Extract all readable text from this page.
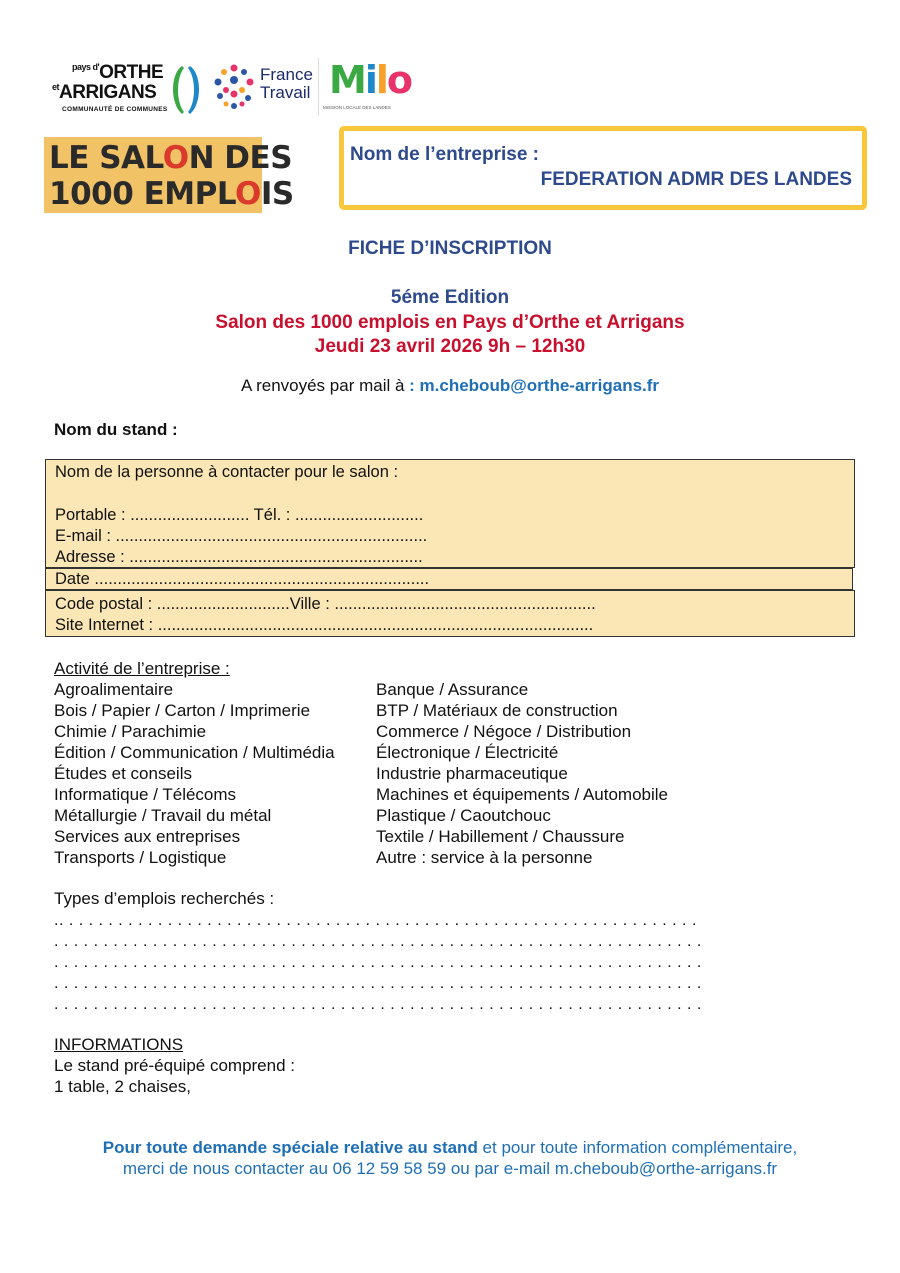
$^{pays d'}$ORTHE
$^{et}$ARRIGANS
COMMUNAUTÉ DE COMMUNES
France
Travail Milo
MISSION LOCALE DES LANDES
LE SALON DES
1000 EMPLOIS
Nom de l’entreprise :
FEDERATION ADMR DES LANDES
FICHE D’INSCRIPTION
5éme Edition
Salon des 1000 emplois en Pays d’Orthe et Arrigans
Jeudi 23 avril 2026 9h – 12h30
A renvoyés par mail à : m.cheboub@orthe-arrigans.fr
Nom du stand :
Nom de la personne à contacter pour le salon :
Portable : .......................... Tél. : ............................
E-mail : ....................................................................
Adresse : ................................................................
Date .........................................................................
Code postal : .............................Ville : .........................................................
Site Internet : ...............................................................................................
Activité de l’entreprise :
Agroalimentaire
Bois / Papier / Carton / Imprimerie
Chimie / Parachimie
Édition / Communication / Multimédia
Études et conseils
Informatique / Télécoms
Métallurgie / Travail du métal
Services aux entreprises
Transports / Logistique
Banque / Assurance
BTP / Matériaux de construction
Commerce / Négoce / Distribution
Électronique / Électricité
Industrie pharmaceutique
Machines et équipements / Automobile
Plastique / Caoutchouc
Textile / Habillement / Chaussure
Autre : service à la personne
Types d’emplois recherchés :
.. . . . . . . . . . . . . . . . . . . . . . . . . . . . . . . . . . . . . . . . . . . . . . . . . . . . . . . . . . . . . . . . .
. . . . . . . . . . . . . . . . . . . . . . . . . . . . . . . . . . . . . . . . . . . . . . . . . . . . . . . . . . . . . . . . . .
. . . . . . . . . . . . . . . . . . . . . . . . . . . . . . . . . . . . . . . . . . . . . . . . . . . . . . . . . . . . . . . . . .
. . . . . . . . . . . . . . . . . . . . . . . . . . . . . . . . . . . . . . . . . . . . . . . . . . . . . . . . . . . . . . . . . .
. . . . . . . . . . . . . . . . . . . . . . . . . . . . . . . . . . . . . . . . . . . . . . . . . . . . . . . . . . . . . . . . . .
INFORMATIONS
Le stand pré-équipé comprend :
1 table, 2 chaises,
Pour toute demande spéciale relative au stand et pour toute information complémentaire,
merci de nous contacter au 06 12 59 58 59 ou par e-mail m.cheboub@orthe-arrigans.fr
